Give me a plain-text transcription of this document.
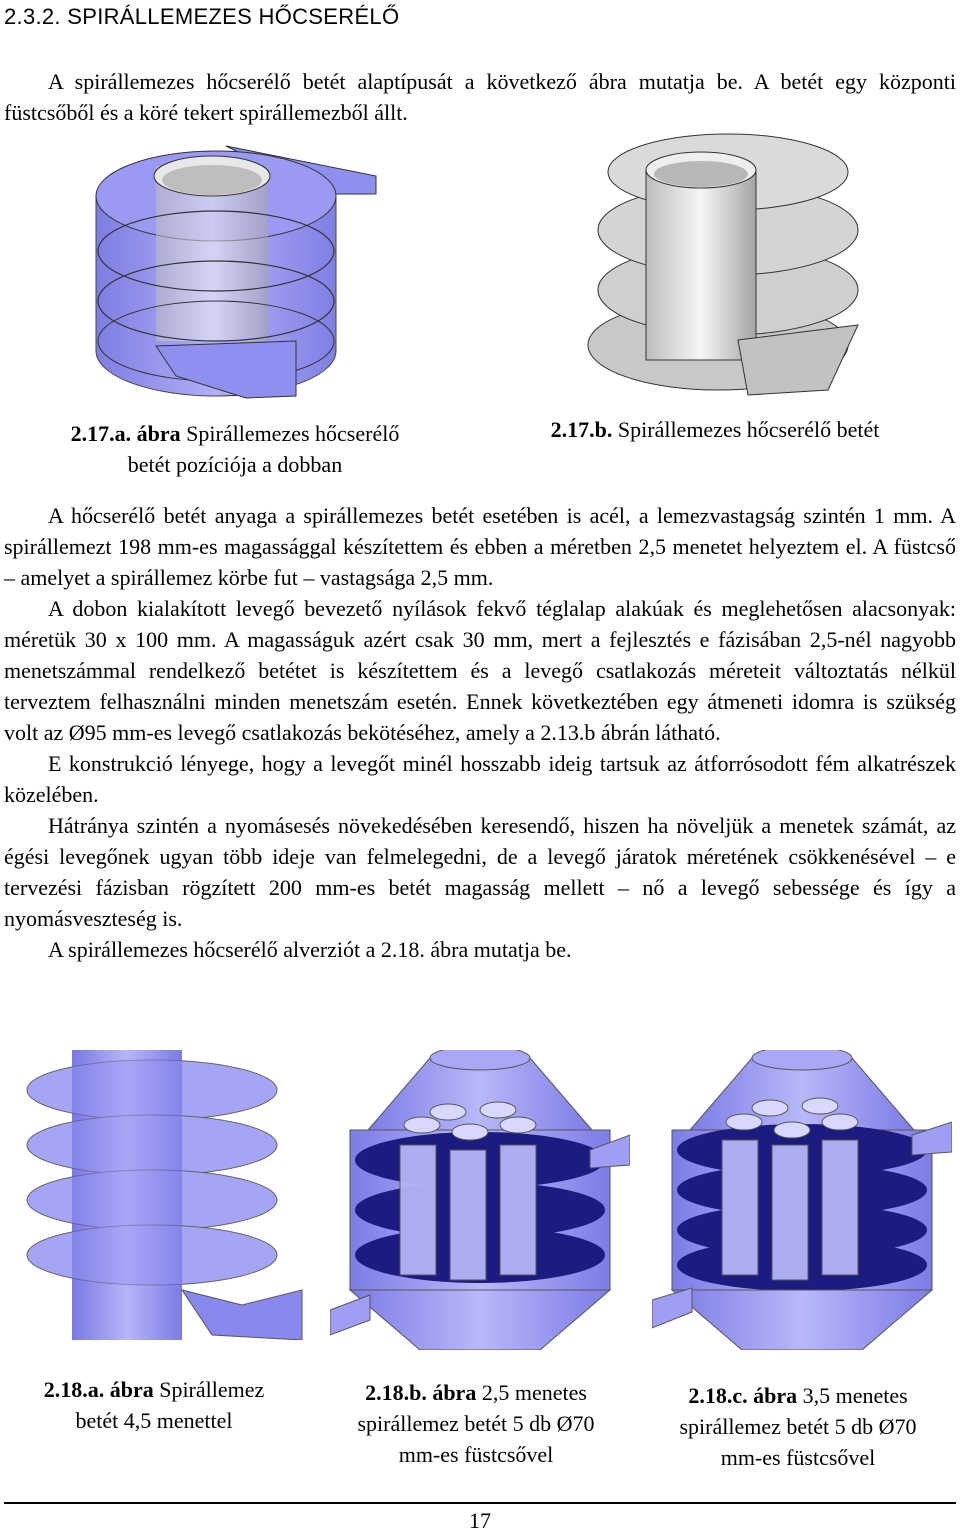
2.3.2. SPIRÁLLEMEZES HŐCSERÉLŐ
A spirállemezes hőcserélő betét alaptípusát a következő ábra mutatja be. A betét egy központi füstcsőből és a köré tekert spirállemezből állt.
2.17.a. ábra Spirállemezes hőcserélő
betét pozíciója a dobban
2.17.b. Spirállemezes hőcserélő betét

A hőcserélő betét anyaga a spirállemezes betét esetében is acél, a lemezvastagság szintén 1 mm. A spirállemezt 198 mm-es magassággal készítettem és ebben a méretben 2,5 menetet helyeztem el. A füstcső – amelyet a spirállemez körbe fut – vastagsága 2,5 mm.

A dobon kialakított levegő bevezető nyílások fekvő téglalap alakúak és meglehetősen alacsonyak: méretük 30 x 100 mm. A magasságuk azért csak 30 mm, mert a fejlesztés e fázisában 2,5-nél nagyobb menetszámmal rendelkező betétet is készítettem és a levegő csatlakozás méreteit változtatás nélkül terveztem felhasználni minden menetszám esetén. Ennek következtében egy átmeneti idomra is szükség volt az Ø95 mm-es levegő csatlakozás bekötéséhez, amely a 2.13.b ábrán látható.

E konstrukció lényege, hogy a levegőt minél hosszabb ideig tartsuk az átforrósodott fém alkatrészek közelében.

Hátránya szintén a nyomásesés növekedésében keresendő, hiszen ha növeljük a menetek számát, az égési levegőnek ugyan több ideje van felmelegedni, de a levegő járatok méretének csökkenésével – e tervezési fázisban rögzített 200 mm-es betét magasság mellett – nő a levegő sebessége és így a nyomásveszteség is.

A spirállemezes hőcserélő alverziót a 2.18. ábra mutatja be.

2.18.a. ábra Spirállemez
betét 4,5 menettel
2.18.b. ábra 2,5 menetes
spirállemez betét 5 db Ø70
mm-es füstcsővel
2.18.c. ábra 3,5 menetes
spirállemez betét 5 db Ø70
mm-es füstcsővel
17
